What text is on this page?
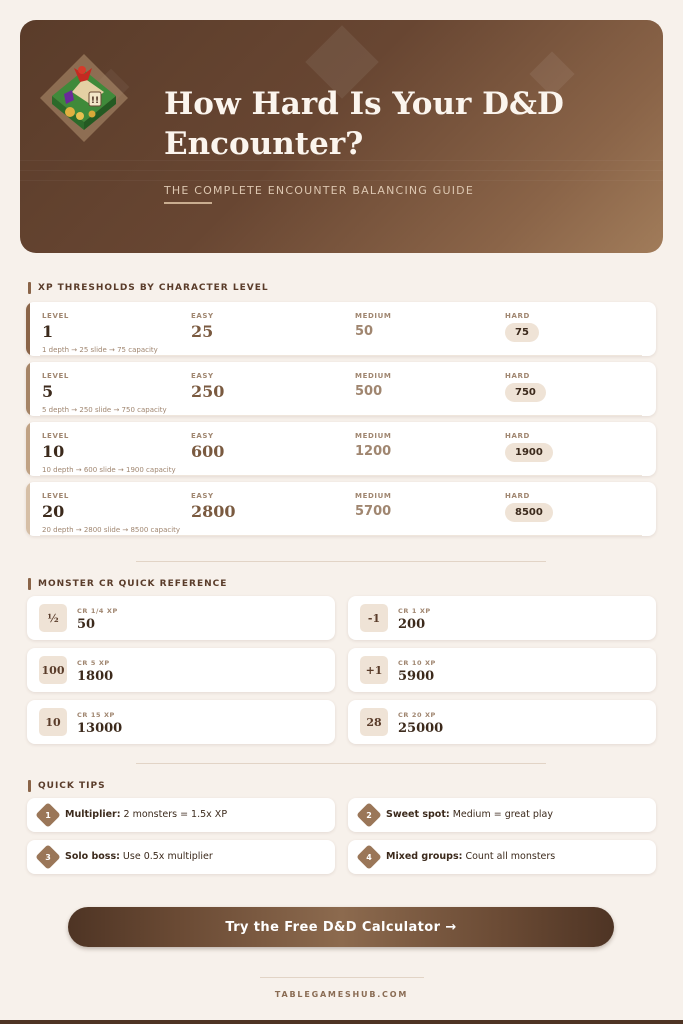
!! How Hard Is Your D&D Encounter?
THE COMPLETE ENCOUNTER BALANCING GUIDE
XP THRESHOLDS BY CHARACTER LEVEL
LEVEL
1
EASY
25
MEDIUM
50
HARD
75
1 depth → 25 slide → 75 capacity
LEVEL
5
EASY
250
MEDIUM
500
HARD
750
5 depth → 250 slide → 750 capacity
LEVEL
10
EASY
600
MEDIUM
1200
HARD
1900
10 depth → 600 slide → 1900 capacity
LEVEL
20
EASY
2800
MEDIUM
5700
HARD
8500
20 depth → 2800 slide → 8500 capacity
MONSTER CR QUICK REFERENCE
½
CR 1/4 XP
50	-1
CR 1 XP
200
100
CR 5 XP
1800	+1
CR 10 XP
5900
10
CR 15 XP
13000	28
CR 20 XP
25000
QUICK TIPS
1	Multiplier: 2 monsters = 1.5x XP	2	Sweet spot: Medium = great play
3	Solo boss: Use 0.5x multiplier	4	Mixed groups: Count all monsters
Try the Free D&D Calculator →
TABLEGAMESHUB.COM
